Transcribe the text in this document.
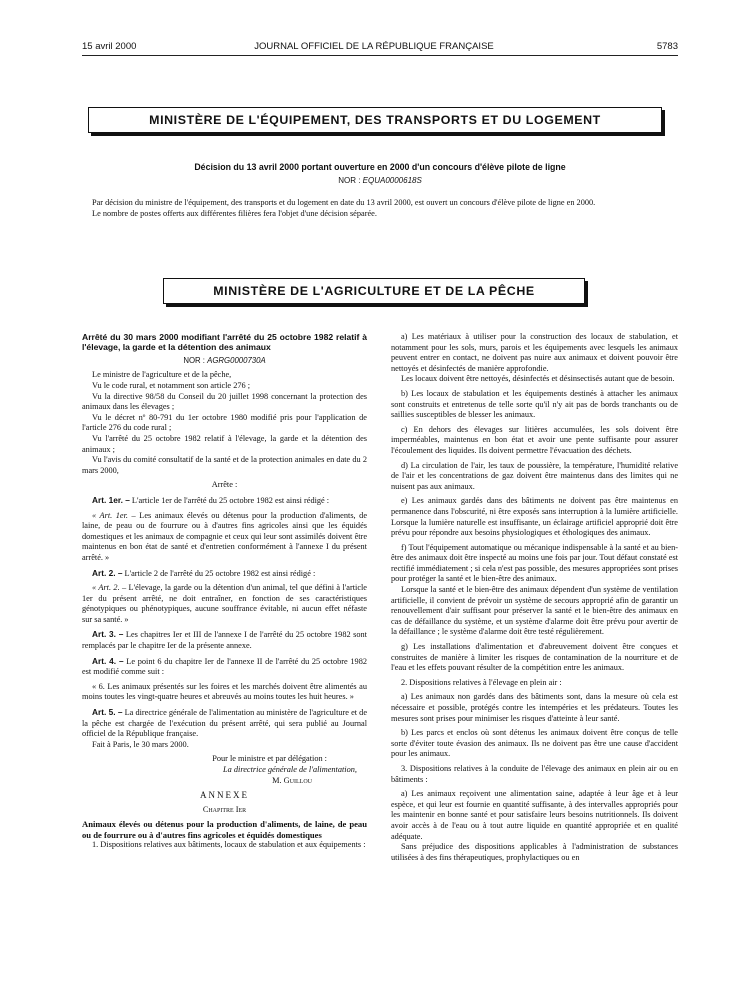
15 avril 2000	JOURNAL OFFICIEL DE LA RÉPUBLIQUE FRANÇAISE	5783
MINISTÈRE DE L'ÉQUIPEMENT, DES TRANSPORTS ET DU LOGEMENT
Décision du 13 avril 2000 portant ouverture en 2000 d'un concours d'élève pilote de ligne
NOR : EQUA0000618S

Par décision du ministre de l'équipement, des transports et du logement en date du 13 avril 2000, est ouvert un concours d'élève pilote de ligne en 2000.

Le nombre de postes offerts aux différentes filières fera l'objet d'une décision séparée.

MINISTÈRE DE L'AGRICULTURE ET DE LA PÊCHE

Arrêté du 30 mars 2000 modifiant l'arrêté du 25 octobre 1982 relatif à l'élevage, la garde et la détention des animaux

NOR : AGRG0000730A

Le ministre de l'agriculture et de la pêche,

Vu le code rural, et notamment son article 276 ;

Vu la directive 98/58 du Conseil du 20 juillet 1998 concernant la protection des animaux dans les élevages ;

Vu le décret nº 80-791 du 1er octobre 1980 modifié pris pour l'application de l'article 276 du code rural ;

Vu l'arrêté du 25 octobre 1982 relatif à l'élevage, la garde et la détention des animaux ;

Vu l'avis du comité consultatif de la santé et de la protection animales en date du 2 mars 2000,

Arrête :

Art. 1er. – L'article 1er de l'arrêté du 25 octobre 1982 est ainsi rédigé :

« Art. 1er. – Les animaux élevés ou détenus pour la production d'aliments, de laine, de peau ou de fourrure ou à d'autres fins agricoles ainsi que les équidés domestiques et les animaux de compagnie et ceux qui leur sont assimilés doivent être maintenus en bon état de santé et d'entretien conformément à l'annexe I du présent arrêté. »

Art. 2. – L'article 2 de l'arrêté du 25 octobre 1982 est ainsi rédigé :

« Art. 2. – L'élevage, la garde ou la détention d'un animal, tel que défini à l'article 1er du présent arrêté, ne doit entraîner, en fonction de ses caractéristiques génotypiques ou phénotypiques, aucune souffrance évitable, ni aucun effet néfaste sur sa santé. »

Art. 3. – Les chapitres Ier et III de l'annexe I de l'arrêté du 25 octobre 1982 sont remplacés par le chapitre Ier de la présente annexe.

Art. 4. – Le point 6 du chapitre Ier de l'annexe II de l'arrêté du 25 octobre 1982 est modifié comme suit :

« 6. Les animaux présentés sur les foires et les marchés doivent être alimentés au moins toutes les vingt-quatre heures et abreuvés au moins toutes les huit heures. »

Art. 5. – La directrice générale de l'alimentation au ministère de l'agriculture et de la pêche est chargée de l'exécution du présent arrêté, qui sera publié au Journal officiel de la République française.

Fait à Paris, le 30 mars 2000.

Pour le ministre et par délégation :

La directrice générale de l'alimentation,

M. Guillou

ANNEXE

Chapitre Ier

Animaux élevés ou détenus pour la production d'aliments, de laine, de peau ou de fourrure ou à d'autres fins agricoles et équidés domestiques

1. Dispositions relatives aux bâtiments, locaux de stabulation et aux équipements :

a) Les matériaux à utiliser pour la construction des locaux de stabulation, et notamment pour les sols, murs, parois et les équipements avec lesquels les animaux peuvent entrer en contact, ne doivent pas nuire aux animaux et doivent pouvoir être nettoyés et désinfectés de manière approfondie.

Les locaux doivent être nettoyés, désinfectés et désinsectisés autant que de besoin.

b) Les locaux de stabulation et les équipements destinés à attacher les animaux sont construits et entretenus de telle sorte qu'il n'y ait pas de bords tranchants ou de saillies susceptibles de blesser les animaux.

c) En dehors des élevages sur litières accumulées, les sols doivent être imperméables, maintenus en bon état et avoir une pente suffisante pour assurer l'écoulement des liquides. Ils doivent permettre l'évacuation des déchets.

d) La circulation de l'air, les taux de poussière, la température, l'humidité relative de l'air et les concentrations de gaz doivent être maintenus dans des limites qui ne nuisent pas aux animaux.

e) Les animaux gardés dans des bâtiments ne doivent pas être maintenus en permanence dans l'obscurité, ni être exposés sans interruption à la lumière artificielle. Lorsque la lumière naturelle est insuffisante, un éclairage artificiel approprié doit être prévu pour répondre aux besoins physiologiques et éthologiques des animaux.

f) Tout l'équipement automatique ou mécanique indispensable à la santé et au bien-être des animaux doit être inspecté au moins une fois par jour. Tout défaut constaté est rectifié immédiatement ; si cela n'est pas possible, des mesures appropriées sont prises pour protéger la santé et le bien-être des animaux.

Lorsque la santé et le bien-être des animaux dépendent d'un système de ventilation artificielle, il convient de prévoir un système de secours approprié afin de garantir un renouvellement d'air suffisant pour préserver la santé et le bien-être des animaux en cas de défaillance du système, et un système d'alarme doit être prévu pour avertir de la défaillance ; le système d'alarme doit être testé régulièrement.

g) Les installations d'alimentation et d'abreuvement doivent être conçues et construites de manière à limiter les risques de contamination de la nourriture et de l'eau et les effets pouvant résulter de la compétition entre les animaux.

2. Dispositions relatives à l'élevage en plein air :

a) Les animaux non gardés dans des bâtiments sont, dans la mesure où cela est nécessaire et possible, protégés contre les intempéries et les prédateurs. Toutes les mesures sont prises pour minimiser les risques d'atteinte à leur santé.

b) Les parcs et enclos où sont détenus les animaux doivent être conçus de telle sorte d'éviter toute évasion des animaux. Ils ne doivent pas être une cause d'accident pour les animaux.

3. Dispositions relatives à la conduite de l'élevage des animaux en plein air ou en bâtiments :

a) Les animaux reçoivent une alimentation saine, adaptée à leur âge et à leur espèce, et qui leur est fournie en quantité suffisante, à des intervalles appropriés pour les maintenir en bonne santé et pour satisfaire leurs besoins nutritionnels. Ils doivent avoir accès à de l'eau ou à tout autre liquide en quantité appropriée et en qualité adéquate.

Sans préjudice des dispositions applicables à l'administration de substances utilisées à des fins thérapeutiques, prophylactiques ou en
